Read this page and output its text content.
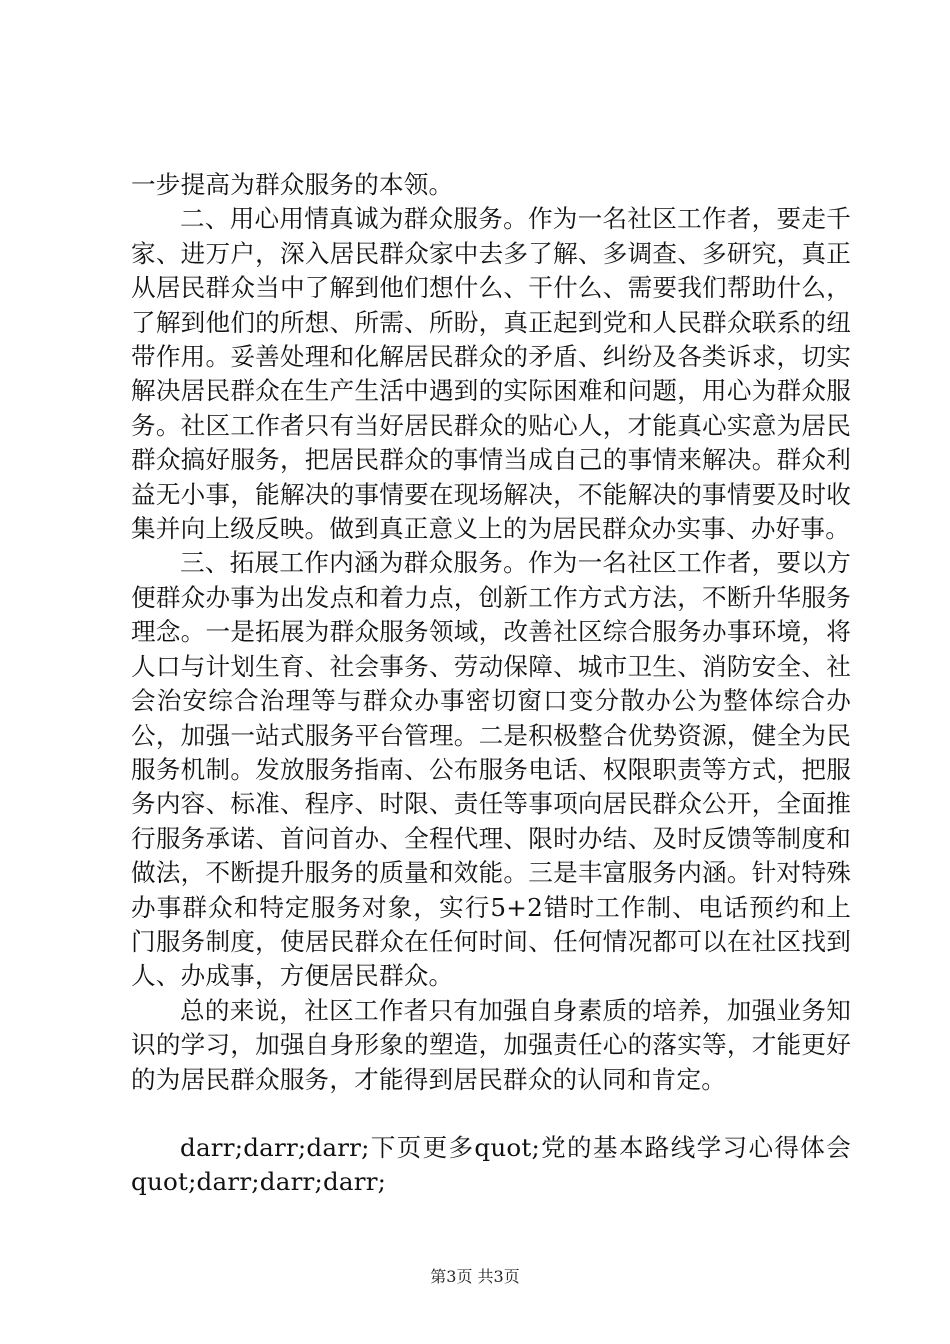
一步提高为群众服务的本领。

二、用心用情真诚为群众服务。作为一名社区工作者，要走千家、进万户，深入居民群众家中去多了解、多调查、多研究，真正从居民群众当中了解到他们想什么、干什么、需要我们帮助什么，了解到他们的所想、所需、所盼，真正起到党和人民群众联系的纽带作用。妥善处理和化解居民群众的矛盾、纠纷及各类诉求，切实解决居民群众在生产生活中遇到的实际困难和问题，用心为群众服务。社区工作者只有当好居民群众的贴心人，才能真心实意为居民群众搞好服务，把居民群众的事情当成自己的事情来解决。群众利益无小事，能解决的事情要在现场解决，不能解决的事情要及时收集并向上级反映。做到真正意义上的为居民群众办实事、办好事。

三、拓展工作内涵为群众服务。作为一名社区工作者，要以方便群众办事为出发点和着力点，创新工作方式方法，不断升华服务理念。一是拓展为群众服务领域，改善社区综合服务办事环境，将人口与计划生育、社会事务、劳动保障、城市卫生、消防安全、社会治安综合治理等与群众办事密切窗口变分散办公为整体综合办公，加强一站式服务平台管理。二是积极整合优势资源，健全为民服务机制。发放服务指南、公布服务电话、权限职责等方式，把服务内容、标准、程序、时限、责任等事项向居民群众公开，全面推行服务承诺、首问首办、全程代理、限时办结、及时反馈等制度和做法，不断提升服务的质量和效能。三是丰富服务内涵。针对特殊办事群众和特定服务对象，实行5+2错时工作制、电话预约和上门服务制度，使居民群众在任何时间、任何情况都可以在社区找到人、办成事，方便居民群众。

总的来说，社区工作者只有加强自身素质的培养，加强业务知识的学习，加强自身形象的塑造，加强责任心的落实等，才能更好的为居民群众服务，才能得到居民群众的认同和肯定。

darr;darr;darr;下页更多quot;党的基本路线学习心得体会quot;darr;darr;darr;

第3页 共3页
